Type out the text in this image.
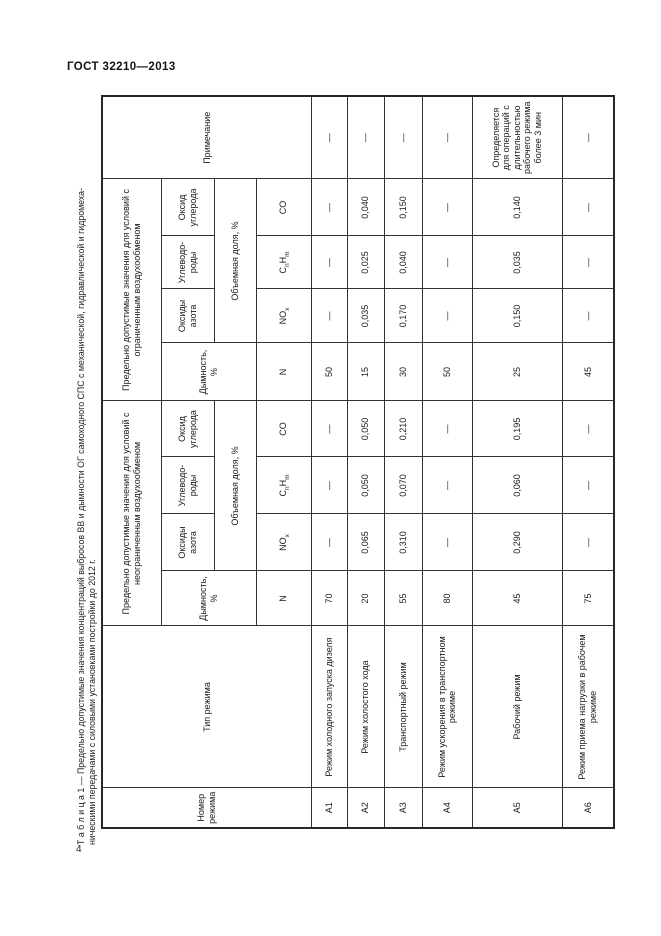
ГОСТ 32210—2013
Т а б л и ц а 1 — Предельно допустимые значения концентраций выбросов ВВ и дымности ОГ самоходного СПС с механической, гидравлической и гидромеха- ническими передачами с силовыми установками постройки до 2012 г.	Номер режима	Тип режима	Предельно допустимые значения для условий с неограниченным воздухообменом				Предельно допустимые значения для условий с ограниченным воздухообменом				Примечание
		Дымность, %	Оксиды азота	Углеводо-роды	Оксид углерода	Дымность, %	Оксиды азота	Углеводо-роды	Оксид углерода	
			Объемная доля, %				Объемная доля, %			
		N	$NO_x$	$C_nH_m$	CO	N	$NO_x$	$C_nH_m$	CO	
А1	Режим холодного запуска дизеля	70	—	—	—	50	—	—	—	—
А2	Режим холостого хода	20	0,065	0,050	0,050	15	0,035	0,025	0,040	—
А3	Транспортный режим	55	0,310	0,070	0,210	30	0,170	0,040	0,150	—
А4	Режим ускорения в транспортном режиме	80	—	—	—	50	—	—	—	—
А5	Рабочий режим	45	0,290	0,060	0,195	25	0,150	0,035	0,140	Определяется для операций с длительностью рабочего режима более 3 мин
А6	Режим приема нагрузки в рабочем режиме	75	—	—	—	45	—	—	—	—
4
